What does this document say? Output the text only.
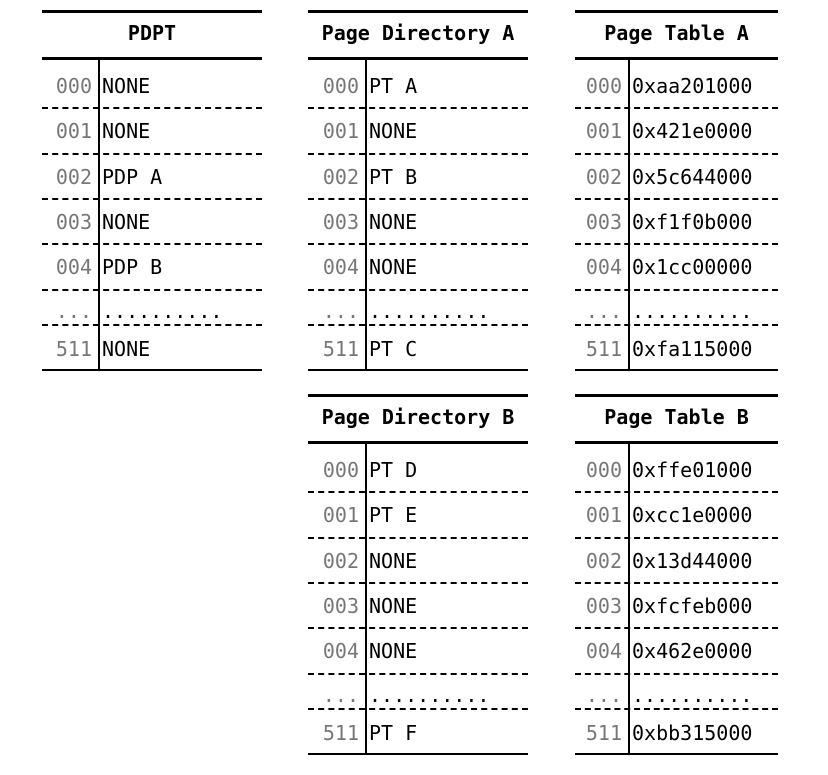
PDPT
000 NONE
001 NONE
002 PDP A
003 NONE
004 PDP B
... ..........
511 NONE
Page Directory A
000 PT A
001 NONE
002 PT B
003 NONE
004 NONE
... ..........
511 PT C
Page Table A
000 0xaa201000
001 0x421e0000
002 0x5c644000
003 0xf1f0b000
004 0x1cc00000
... ..........
511 0xfa115000
Page Directory B
000 PT D
001 PT E
002 NONE
003 NONE
004 NONE
... ..........
511 PT F
Page Table B
000 0xffe01000
001 0xcc1e0000
002 0x13d44000
003 0xfcfeb000
004 0x462e0000
... ..........
511 0xbb315000
